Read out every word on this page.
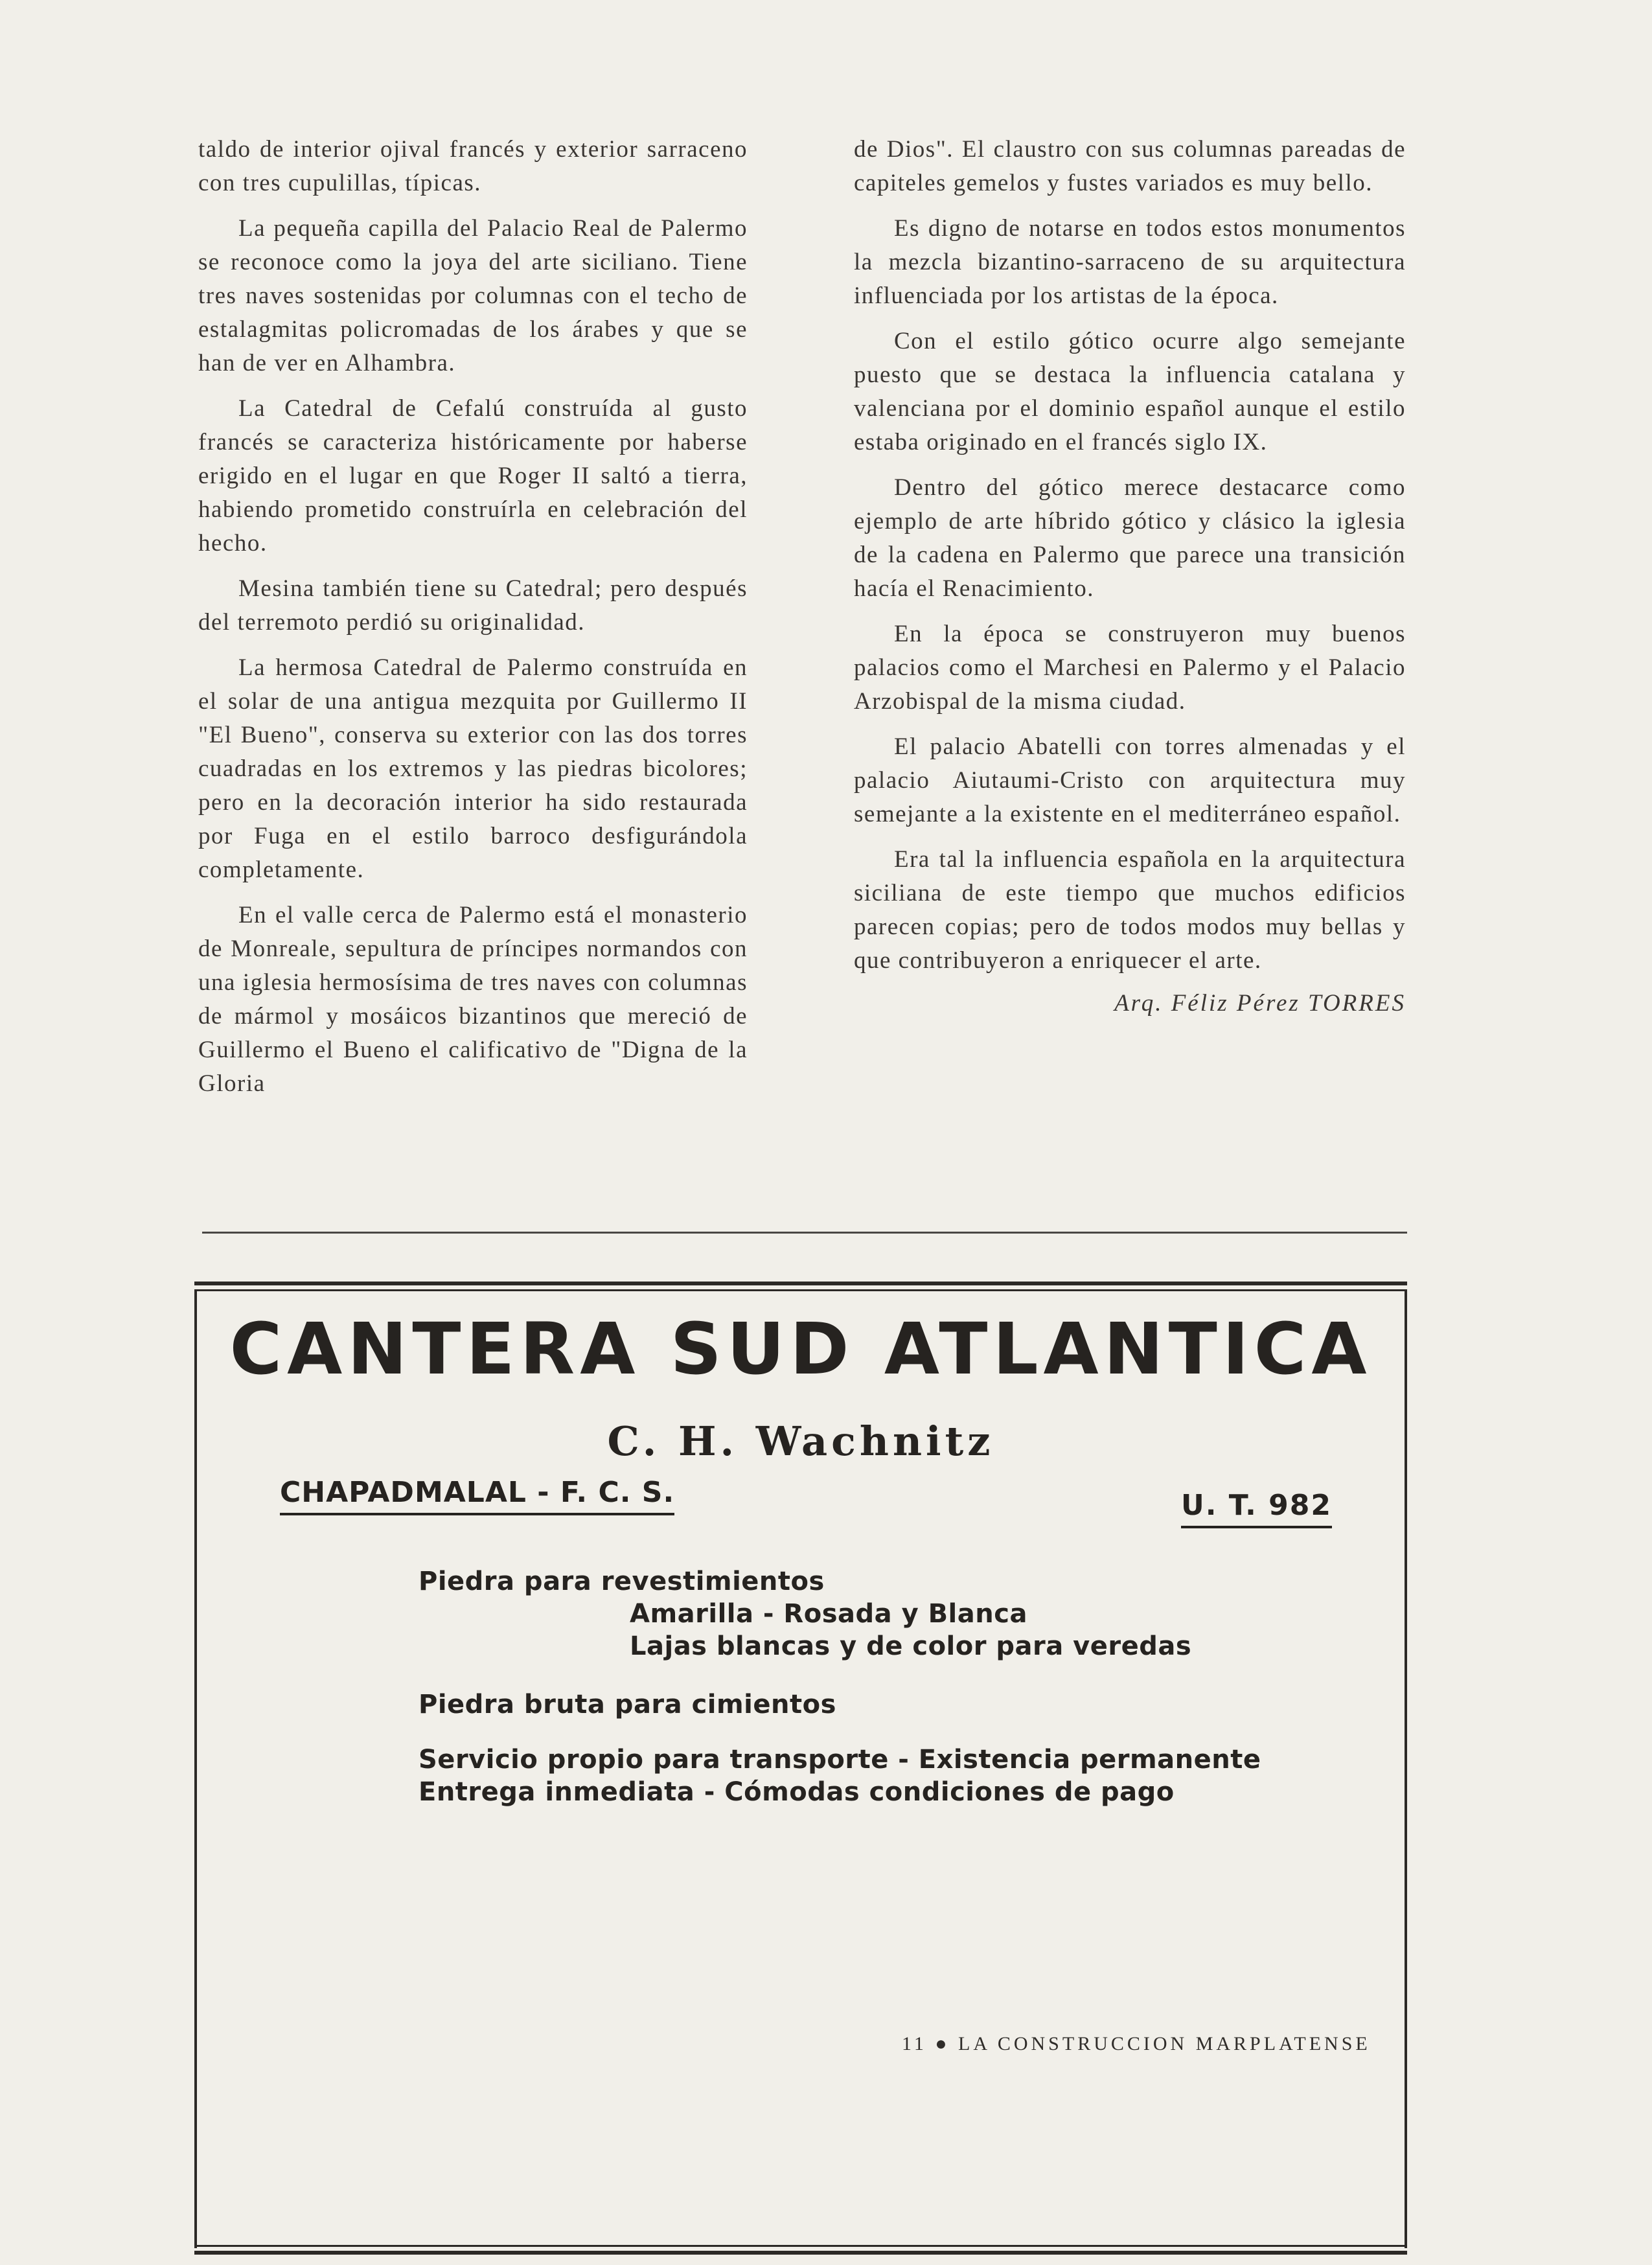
taldo de interior ojival francés y exterior sarraceno con tres cupulillas, típicas.

La pequeña capilla del Palacio Real de Palermo se reconoce como la joya del arte siciliano. Tiene tres naves sostenidas por columnas con el techo de estalagmitas policromadas de los árabes y que se han de ver en Alhambra.

La Catedral de Cefalú construída al gusto francés se caracteriza históricamente por haberse erigido en el lugar en que Roger II saltó a tierra, habiendo prometido construírla en celebración del hecho.

Mesina también tiene su Catedral; pero después del terremoto perdió su originalidad.

La hermosa Catedral de Palermo construída en el solar de una antigua mezquita por Guillermo II "El Bueno", conserva su exterior con las dos torres cuadradas en los extremos y las piedras bicolores; pero en la decoración interior ha sido restaurada por Fuga en el estilo barroco desfigurándola completamente.

En el valle cerca de Palermo está el monasterio de Monreale, sepultura de príncipes normandos con una iglesia hermosísima de tres naves con columnas de mármol y mosáicos bizantinos que mereció de Guillermo el Bueno el calificativo de "Digna de la Gloria

de Dios". El claustro con sus columnas pareadas de capiteles gemelos y fustes variados es muy bello.

Es digno de notarse en todos estos monumentos la mezcla bizantino-sarraceno de su arquitectura influenciada por los artistas de la época.

Con el estilo gótico ocurre algo semejante puesto que se destaca la influencia catalana y valenciana por el dominio español aunque el estilo estaba originado en el francés siglo IX.

Dentro del gótico merece destacarce como ejemplo de arte híbrido gótico y clásico la iglesia de la cadena en Palermo que parece una transición hacía el Renacimiento.

En la época se construyeron muy buenos palacios como el Marchesi en Palermo y el Palacio Arzobispal de la misma ciudad.

El palacio Abatelli con torres almenadas y el palacio Aiutaumi-Cristo con arquitectura muy semejante a la existente en el mediterráneo español.

Era tal la influencia española en la arquitectura siciliana de este tiempo que muchos edificios parecen copias; pero de todos modos muy bellas y que contribuyeron a enriquecer el arte.

Arq. Féliz Pérez TORRES
CANTERA SUD ATLANTICA
C. H. Wachnitz
CHAPADMALAL - F. C. S.	U. T. 982
Piedra para revestimientos
Amarilla - Rosada y Blanca
Lajas blancas y de color para veredas
Piedra bruta para cimientos
Servicio propio para transporte - Existencia permanente
Entrega inmediata - Cómodas condiciones de pago
11 ● LA CONSTRUCCION MARPLATENSE
